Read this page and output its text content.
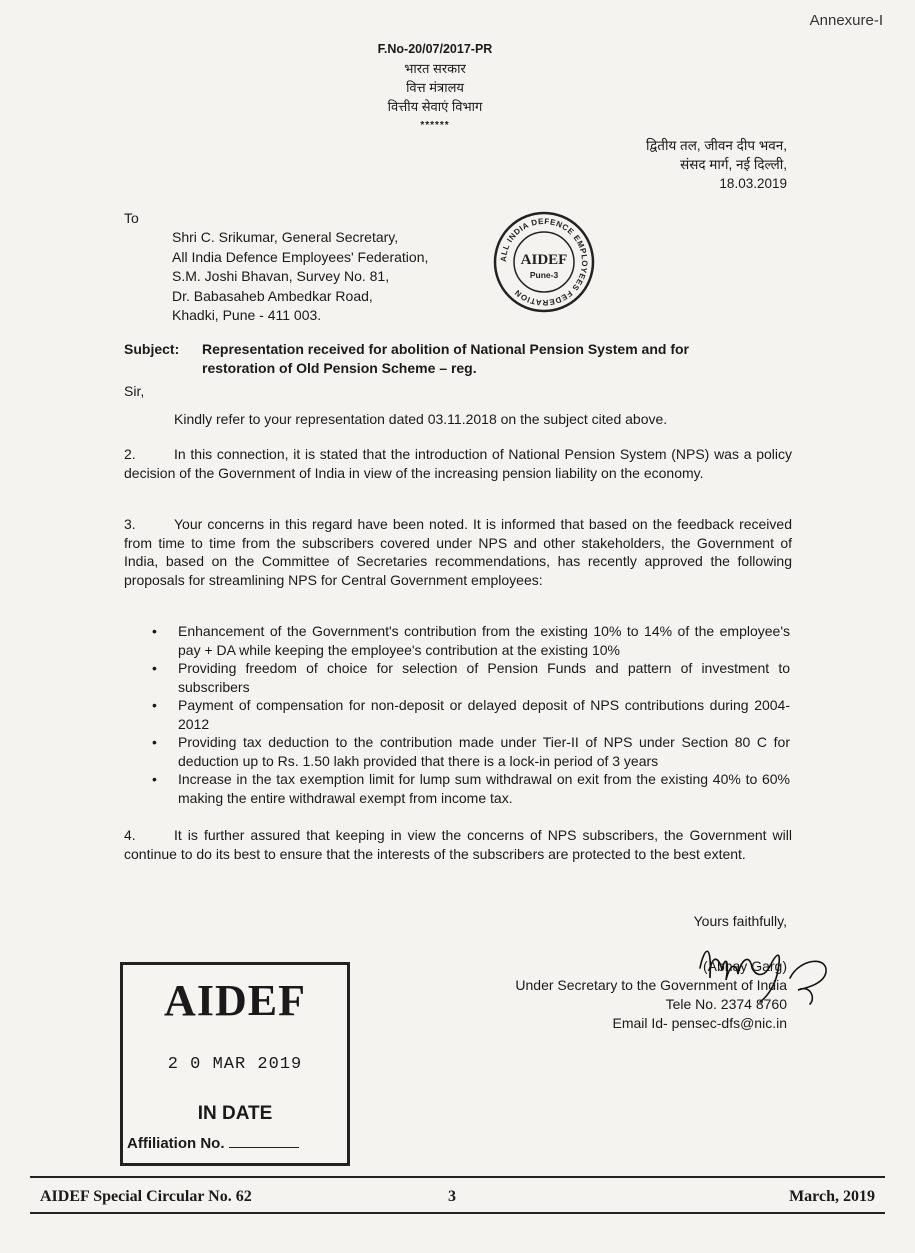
Annexure-I
F.No-20/07/2017-PR
भारत सरकार
वित्त मंत्रालय
वित्तीय सेवाएं विभाग
******
द्वितीय तल, जीवन दीप भवन,
संसद मार्ग, नई दिल्ली,
18.03.2019
To
Shri C. Srikumar, General Secretary,
All India Defence Employees' Federation,
S.M. Joshi Bhavan, Survey No. 81,
Dr. Babasaheb Ambedkar Road,
Khadki, Pune - 411 003.
ALL INDIA DEFENCE EMPLOYEES FEDERATION
AIDEF
Pune-3
Subject: Representation received for abolition of National Pension System and for
restoration of Old Pension Scheme – reg.
Sir,
Kindly refer to your representation dated 03.11.2018 on the subject cited above.
2.	In this connection, it is stated that the introduction of National Pension System (NPS) was a policy decision of the Government of India in view of the increasing pension liability on the economy.
3.	Your concerns in this regard have been noted. It is informed that based on the feedback received from time to time from the subscribers covered under NPS and other stakeholders, the Government of India, based on the Committee of Secretaries recommendations, has recently approved the following proposals for streamlining NPS for Central Government employees:
• Enhancement of the Government's contribution from the existing 10% to 14% of the employee's pay + DA while keeping the employee's contribution at the existing 10%
• Providing freedom of choice for selection of Pension Funds and pattern of investment to subscribers
• Payment of compensation for non-deposit or delayed deposit of NPS contributions during 2004-2012
• Providing tax deduction to the contribution made under Tier-II of NPS under Section 80 C for deduction up to Rs. 1.50 lakh provided that there is a lock-in period of 3 years
• Increase in the tax exemption limit for lump sum withdrawal on exit from the existing 40% to 60% making the entire withdrawal exempt from income tax.
4.	It is further assured that keeping in view the concerns of NPS subscribers, the Government will continue to do its best to ensure that the interests of the subscribers are protected to the best extent.
Yours faithfully,
(Abhay Garg)
Under Secretary to the Government of India
Tele No. 2374 8760
Email Id- pensec-dfs@nic.in
AIDEF
2 0 MAR 2019
IN DATE
Affiliation No.
AIDEF Special Circular No. 62	3	March, 2019
